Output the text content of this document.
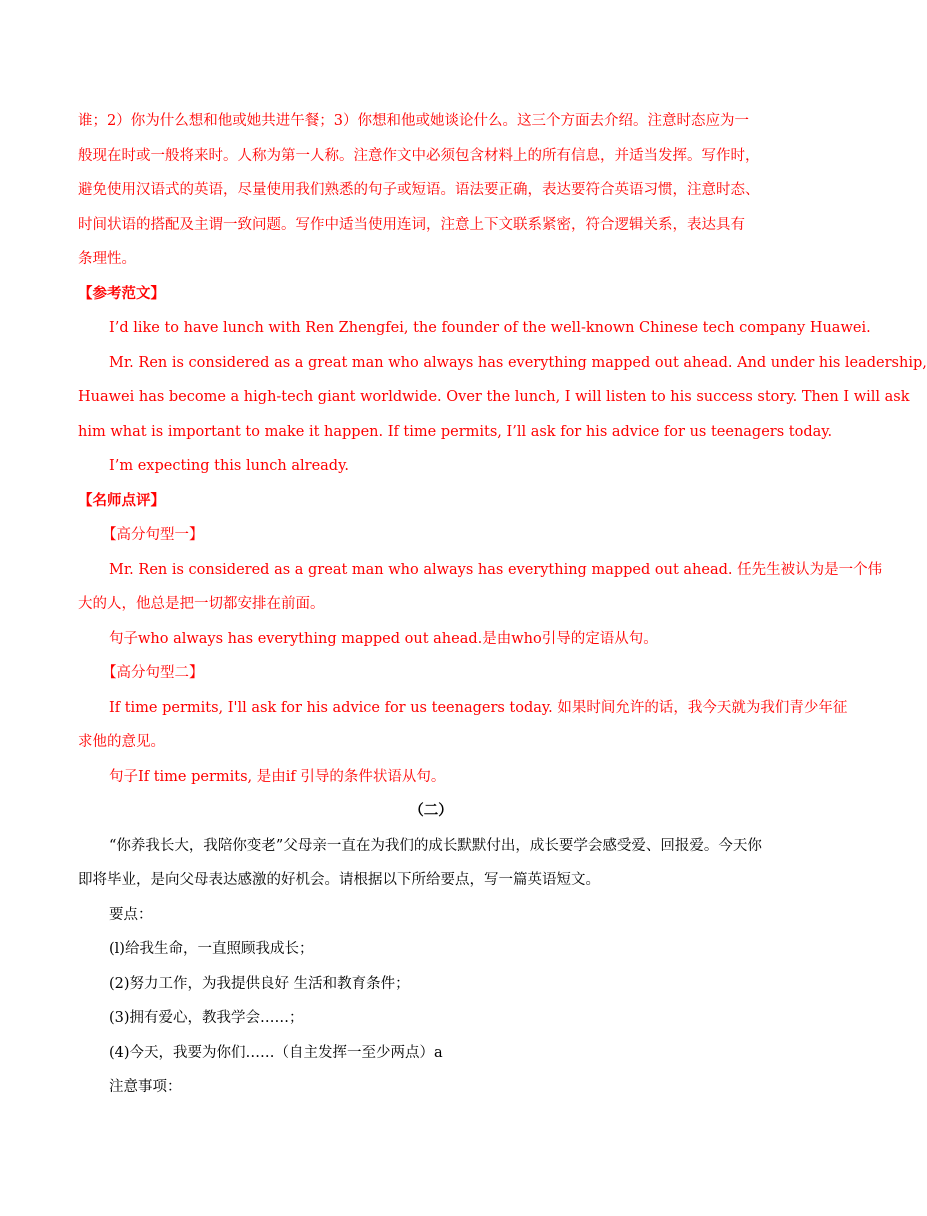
谁；2）你为什么想和他或她共进午餐；3）你想和他或她谈论什么。这三个方面去介绍。注意时态应为一
般现在时或一般将来时。人称为第一人称。注意作文中必须包含材料上的所有信息，并适当发挥。写作时，
避免使用汉语式的英语，尽量使用我们熟悉的句子或短语。语法要正确，表达要符合英语习惯，注意时态、
时间状语的搭配及主谓一致问题。写作中适当使用连词，注意上下文联系紧密，符合逻辑关系，表达具有
条理性。
【参考范文】
I’d like to have lunch with Ren Zhengfei, the founder of the well-known Chinese tech company Huawei.
Mr. Ren is considered as a great man who always has everything mapped out ahead. And under his leadership,
Huawei has become a high-tech giant worldwide. Over the lunch, I will listen to his success story. Then I will ask
him what is important to make it happen. If time permits, I’ll ask for his advice for us teenagers today.
I’m expecting this lunch already.
【名师点评】
【高分句型一】
Mr. Ren is considered as a great man who always has everything mapped out ahead. 任先生被认为是一个伟
大的人，他总是把一切都安排在前面。
句子who always has everything mapped out ahead.是由who引导的定语从句。
【高分句型二】
If time permits, I'll ask for his advice for us teenagers today. 如果时间允许的话，我今天就为我们青少年征
求他的意见。
句子If time permits, 是由if 引导的条件状语从句。
（二）
“你养我长大，我陪你变老”父母亲一直在为我们的成长默默付出，成长要学会感受爱、回报爱。今天你
即将毕业，是向父母表达感激的好机会。请根据以下所给要点，写一篇英语短文。
要点：
(l)给我生命，一直照顾我成长；
(2)努力工作，为我提供良好 生活和教育条件；
(3)拥有爱心，教我学会……；
(4)今天，我要为你们……（自主发挥一至少两点）a
注意事项：
